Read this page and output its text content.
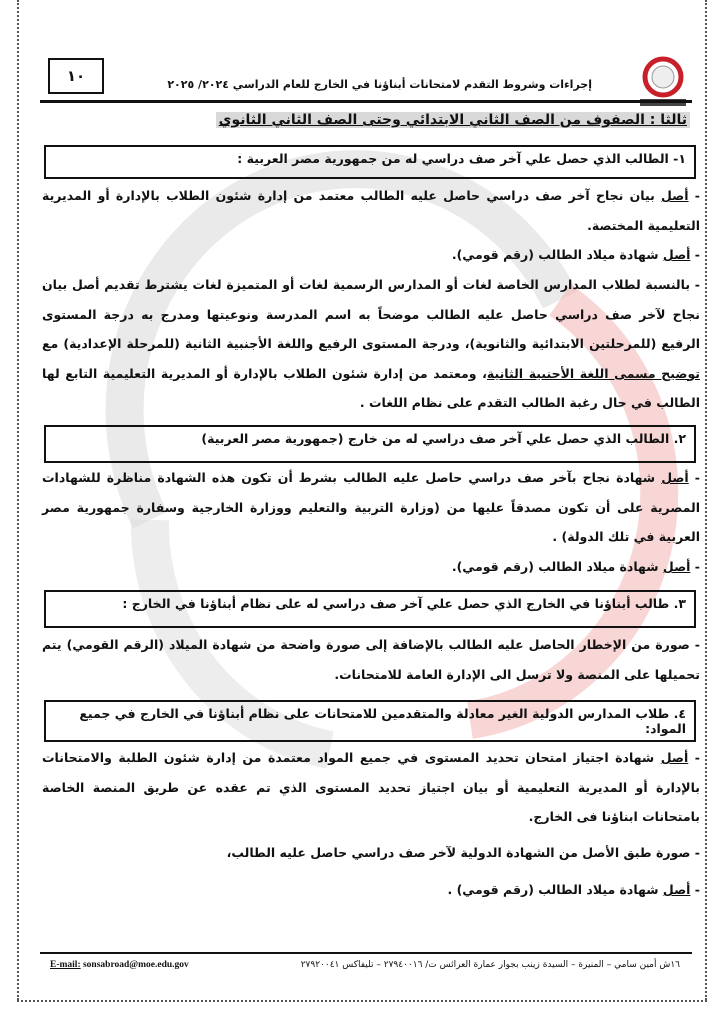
١٠	إجراءات وشروط التقدم لامتحانات أبناؤنا في الخارج للعام الدراسي ٢٠٢٤/ ٢٠٢٥
ثالثا : الصفوف من الصف الثاني الابتدائي وحتى الصف الثاني الثانوي
١- الطالب الذي حصل علي آخر صف دراسي له من جمهورية مصر العربية :
- أصل بيان نجاح آخر صف دراسي حاصل عليه الطالب معتمد من إدارة شئون الطلاب بالإدارة أو المديرية التعليمية المختصة.
- أصل شهادة ميلاد الطالب (رقم قومي).
- بالنسبة لطلاب المدارس الخاصة لغات أو المدارس الرسمية لغات أو المتميزة لغات يشترط تقديم أصل بيان نجاح لآخر صف دراسي حاصل عليه الطالب موضحاً به اسم المدرسة ونوعيتها ومدرج به درجة المستوى الرفيع (للمرحلتين الابتدائية والثانوية)، ودرجة المستوى الرفيع واللغة الأجنبية الثانية (للمرحلة الإعدادية) مع توضيح مسمى اللغة الأجنبية الثانية، ومعتمد من إدارة شئون الطلاب بالإدارة أو المديرية التعليمية التابع لها الطالب في حال رغبة الطالب التقدم على نظام اللغات .
٢. الطالب الذي حصل علي آخر صف دراسي له من خارج (جمهورية مصر العربية)
- أصل شهادة نجاح بآخر صف دراسي حاصل عليه الطالب بشرط أن تكون هذه الشهادة مناظرة للشهادات المصرية على أن تكون مصدقاً عليها من (وزارة التربية والتعليم ووزارة الخارجية وسفارة جمهورية مصر العربية في تلك الدولة) .
- أصل شهادة ميلاد الطالب (رقم قومي).
٣. طالب أبناؤنا في الخارج الذي حصل علي آخر صف دراسي له على نظام أبناؤنا في الخارج :
- صورة من الإخطار الحاصل عليه الطالب بالإضافة إلى صورة واضحة من شهادة الميلاد (الرقم القومي) يتم تحميلها على المنصة ولا ترسل الى الإدارة العامة للامتحانات.
٤. طلاب المدارس الدولية الغير معادلة والمتقدمين للامتحانات على نظام أبناؤنا في الخارج في جميع المواد:
- أصل شهادة اجتياز امتحان تحديد المستوى في جميع المواد معتمدة من إدارة شئون الطلبة والامتحانات بالإدارة أو المديرية التعليمية أو بيان اجتياز تحديد المستوى الذي تم عقده عن طريق المنصة الخاصة بامتحانات ابناؤنا فى الخارج.
- صورة طبق الأصل من الشهادة الدولية لآخر صف دراسي حاصل عليه الطالب،
- أصل شهادة ميلاد الطالب (رقم قومي) .
١٦ش أمين سامي – المنيرة – السيدة زينب بجوار عمارة العرائس ت/ ٢٧٩٤٠٠١٦ – تليفاكس ٢٧٩٢٠٠٤١
E-mail: sonsabroad@moe.edu.gov
